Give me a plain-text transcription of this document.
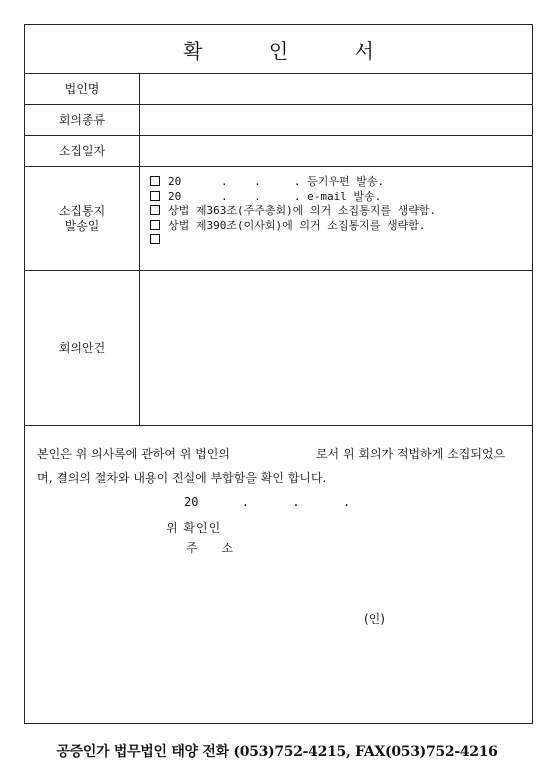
확 인 서
법인명
회의종류
소집일자
소집통지
발송일
20      .    .     . 등기우편 발송.
20      .    .     . e-mail 발송.
상법 제363조(주주총회)에 의거 소집통지를 생략함.
상법 제390조(이사회)에 의거 소집통지를 생략함.
회의안건
본인은 위 의사록에 관하여 위 법인의	로서 위 회의가 적법하게 소집되었으며, 결의의 절차와 내용이 진실에 부합함을 확인 합니다.
20      .      .      .
위 확인인
주 소
(인)
공증인가 법무법인 태양 전화 (053)752-4215, FAX(053)752-4216
